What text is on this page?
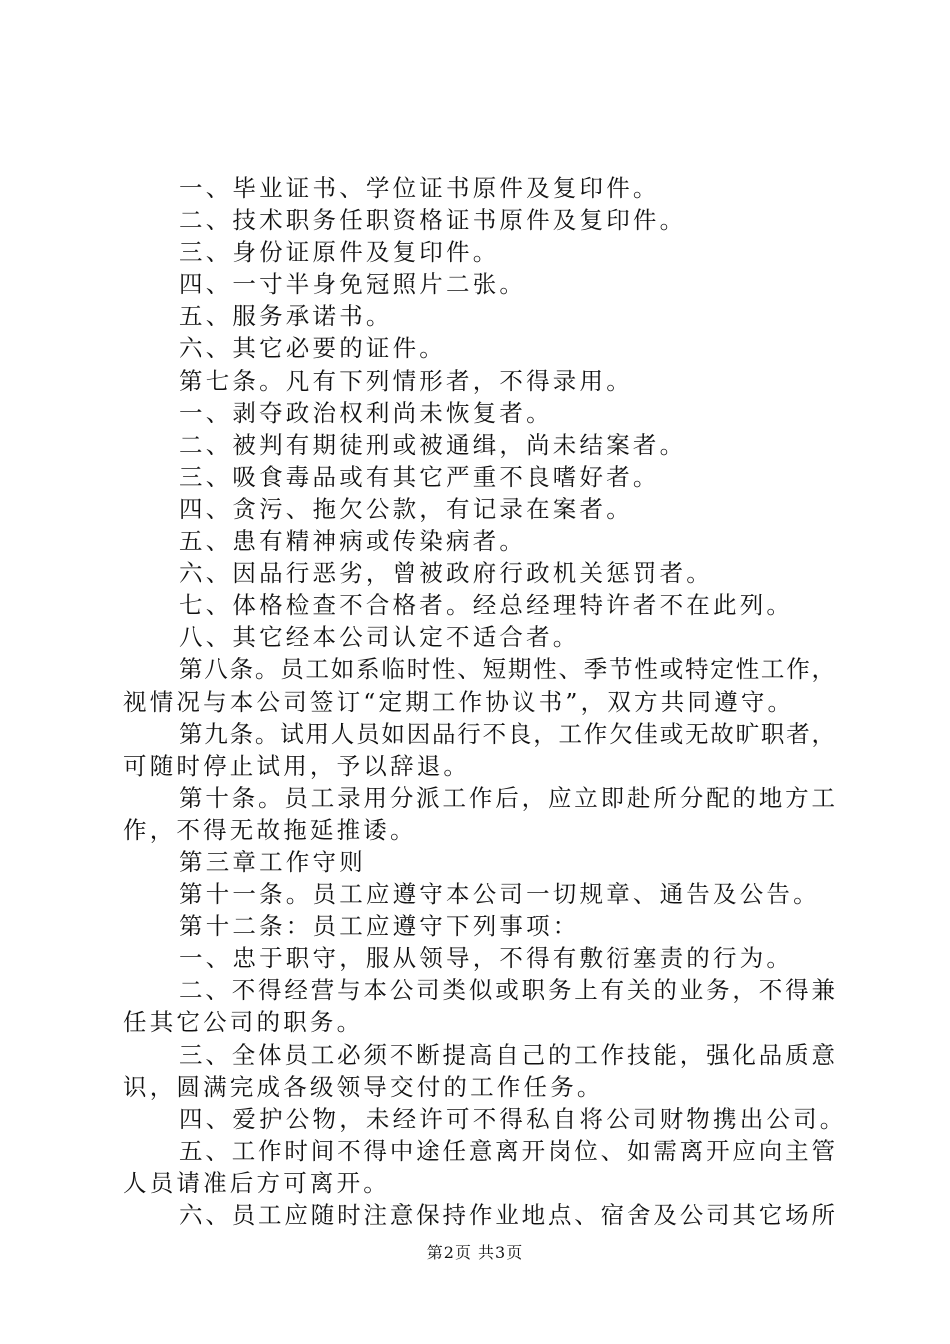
一、毕业证书、学位证书原件及复印件。
二、技术职务任职资格证书原件及复印件。
三、身份证原件及复印件。
四、一寸半身免冠照片二张。
五、服务承诺书。
六、其它必要的证件。
第七条。凡有下列情形者，不得录用。
一、剥夺政治权利尚未恢复者。
二、被判有期徒刑或被通缉，尚未结案者。
三、吸食毒品或有其它严重不良嗜好者。
四、贪污、拖欠公款，有记录在案者。
五、患有精神病或传染病者。
六、因品行恶劣，曾被政府行政机关惩罚者。
七、体格检查不合格者。经总经理特许者不在此列。
八、其它经本公司认定不适合者。
第八条。员工如系临时性、短期性、季节性或特定性工作，
视情况与本公司签订“定期工作协议书”，双方共同遵守。
第九条。试用人员如因品行不良，工作欠佳或无故旷职者，
可随时停止试用，予以辞退。
第十条。员工录用分派工作后，应立即赴所分配的地方工
作，不得无故拖延推诿。
第三章工作守则
第十一条。员工应遵守本公司一切规章、通告及公告。
第十二条：员工应遵守下列事项：
一、忠于职守，服从领导，不得有敷衍塞责的行为。
二、不得经营与本公司类似或职务上有关的业务，不得兼
任其它公司的职务。
三、全体员工必须不断提高自己的工作技能，强化品质意
识，圆满完成各级领导交付的工作任务。
四、爱护公物，未经许可不得私自将公司财物携出公司。
五、工作时间不得中途任意离开岗位、如需离开应向主管
人员请准后方可离开。
六、员工应随时注意保持作业地点、宿舍及公司其它场所
第2页 共3页
